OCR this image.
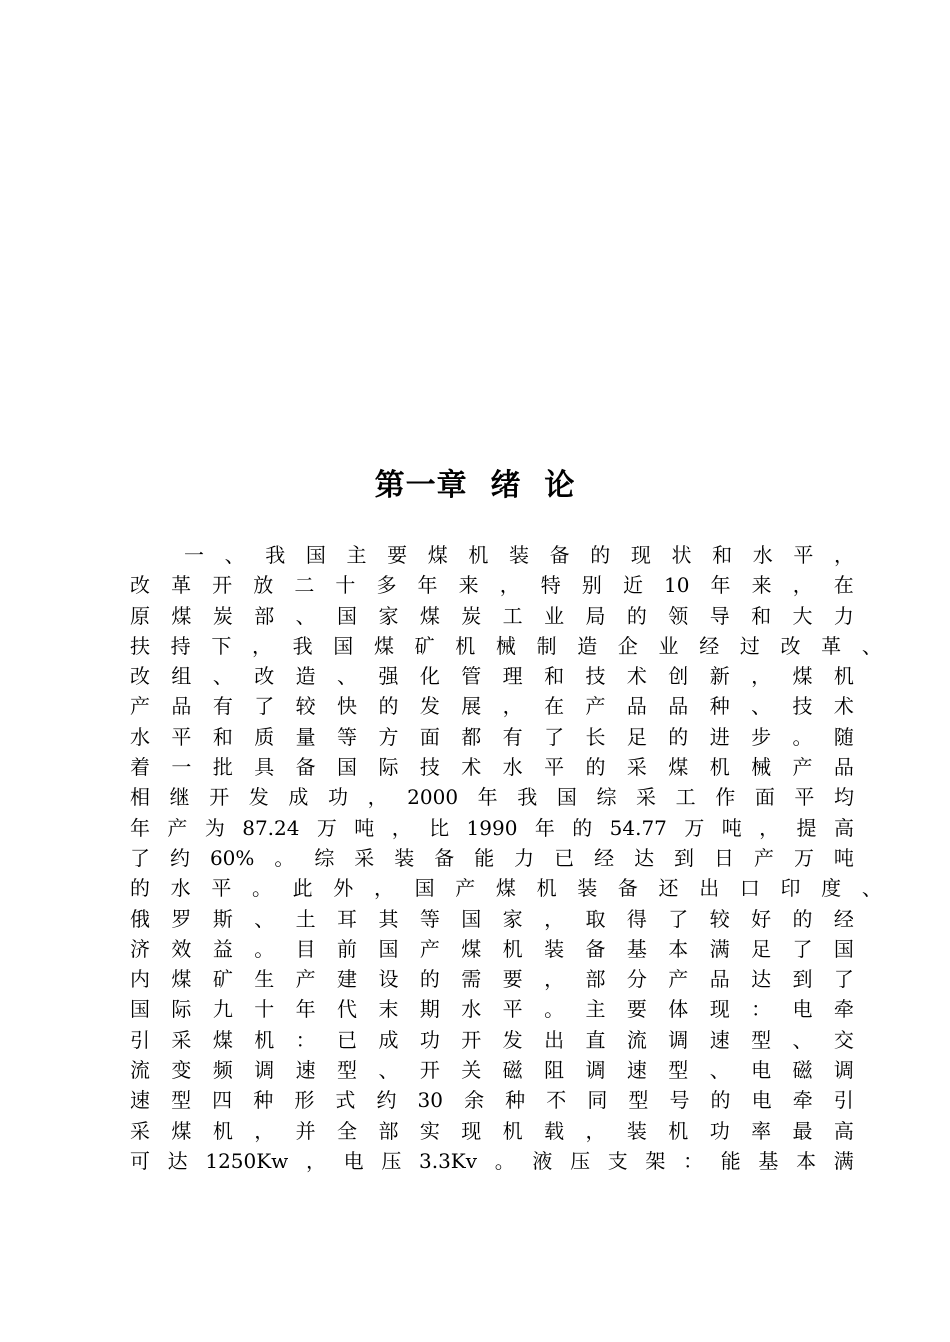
第一章  绪  论
一 、 我 国 主 要 煤 机 装 备 的 现 状 和 水 平 ，
改 革 开 放 二 十 多 年 来 ， 特 别 近 10 年 来 ， 在
原 煤 炭 部 、 国 家 煤 炭 工 业 局 的 领 导 和 大 力
扶 持 下 ， 我 国 煤 矿 机 械 制 造 企 业 经 过 改 革 、
改 组 、 改 造 、 强 化 管 理 和 技 术 创 新 ， 煤 机
产 品 有 了 较 快 的 发 展 ， 在 产 品 品 种 、 技 术
水 平 和 质 量 等 方 面 都 有 了 长 足 的 进 步 。 随
着 一 批 具 备 国 际 技 术 水 平 的 采 煤 机 械 产 品
相 继 开 发 成 功 ， 2000 年 我 国 综 采 工 作 面 平 均
年 产 为 87.24 万 吨 ， 比 1990 年 的 54.77 万 吨 ， 提 高
了 约 60% 。 综 采 装 备 能 力 已 经 达 到 日 产 万 吨
的 水 平 。 此 外 ， 国 产 煤 机 装 备 还 出 口 印 度 、
俄 罗 斯 、 土 耳 其 等 国 家 ， 取 得 了 较 好 的 经
济 效 益 。 目 前 国 产 煤 机 装 备 基 本 满 足 了 国
内 煤 矿 生 产 建 设 的 需 要 ， 部 分 产 品 达 到 了
国 际 九 十 年 代 末 期 水 平 。 主 要 体 现 ： 电 牵
引 采 煤 机 ： 已 成 功 开 发 出 直 流 调 速 型 、 交
流 变 频 调 速 型 、 开 关 磁 阻 调 速 型 、 电 磁 调
速 型 四 种 形 式 约 30 余 种 不 同 型 号 的 电 牵 引
采 煤 机 ， 并 全 部 实 现 机 载 ， 装 机 功 率 最 高
可 达 1250Kw ， 电 压 3.3Kv 。 液 压 支 架 ： 能 基 本 满
